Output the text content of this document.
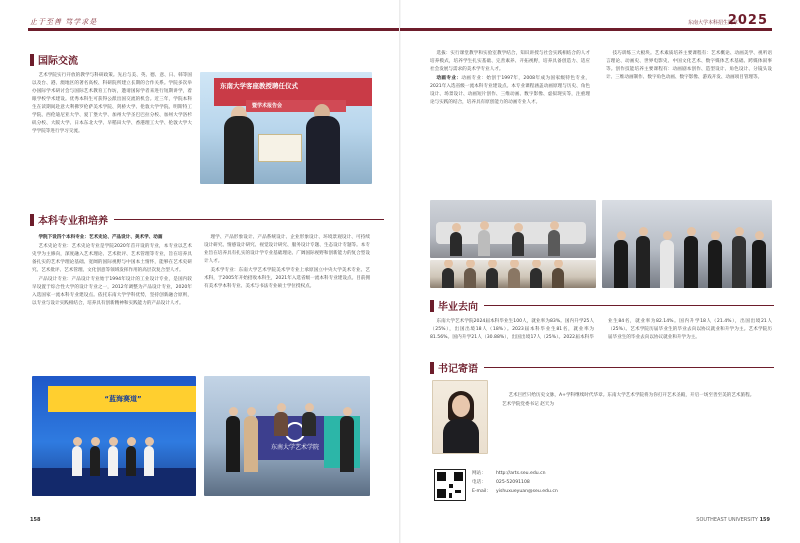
止于至善 笃学求是
国际交流

艺术学院实行开放的教学与科研政策。先后与美、英、德、意、日、韩等国以及台、港、澳地区的著名高校、科研院所建立长期的合作关系。学院多次举办国际学术研讨会与国际艺术教育工作坊，邀请国际学者来进行短期讲学，着眼学校学术建设。优秀本科生可获得公派出国交流的机会。近三年，学院本科生在读期间赴意大利佛罗伦萨美术学院、剑桥大学、伦敦大学学院、明斯特工学院、西伦迪尼亚大学、爱丁堡大学、加州大学圣巴巴拉分校、加州大学洛杉矶分校、大阪大学、日本东北大学、早稻田大学、香港理工大学、伦敦大学大学学院等进行学习交流。

东南大学客座教授聘任仪式
暨学术报告会
本科专业和培养

学院下设四个本科专业：艺术史论、产品设计、美术学、动画

艺术史论专业：艺术史论专业是学院2020年首开设的专业，本专业以艺术史学为主修向，深度融入艺术理论、艺术批评、艺术管理等专业，旨在培养具备扎实的艺术学理论基础、宽阔的国际视野与中国本土情怀，能够在艺术史研究、艺术批评、艺术管理、文化创意等领域发挥作用的高层次复合型人才。

产品设计专业：产品设计专业始于1994年设计的工业设计专业，是国内较早设置于综合性大学的设计专业之一，2012年调整为产品设计专业，2020年入选国家一流本科专业建设点。依托东南大学学科优势，坚持创新融合原则，以专业与设计实践相结合，培养具有创新精神和实践能力的产品设计人才。

理学、产品形象设计、产品系统设计、企业形象设计、环境景观设计、可持续设计研究、情感设计研究、视觉设计研究、服务设计专题、生态设计专题等。本专业旨在培养具有扎实的设计学专业基础理论、广阔国际视野和创新能力的复合型设计人才。

美术学专业：东南大学艺术学院美术学专业上承原国立中央大学美术专业、艺术科，于2005年开始招收本科生，2021年入选省级一流本科专业建设点。目前拥有美术学本科专业、美术与书法专业硕士学位授权点。

“蓝海赛道”
东南大学艺术学院
158
东南大学本科招生简章
2025

选拔：实行课堂教学和实验室教学结合，知识讲授与社会实践相结合的人才培养模式，培养学生扎实基础、完善素养、开拓视野，培养具备创造力、适应社会发展与需求的美术学专业人才。

动画专业：动画专业：始创于1997年，2008年成为国家级特色专业，2021年入选省级一流本科专业建设点。本专业课程涵盖动画原理与历史、角色设计、场景设计、动画短片创作、三维动画、数字影像、虚拟现实等，注重理论与实践的结合，培养具有原创能力的动画专业人才。

技巧训练三大板块。艺术素质培养主要课程有：艺术概论、动画美学、视听语言理论、动画史、世界电影史、中国文化艺术、数字媒体艺术基础、跨媒体叙事等。创作技能培养主要课程有：动画剧本创作、造型设计、角色设计、分镜头设计、三维动画制作、数字角色动画、数字影像、游戏开发、动画项目管理等。

毕业去向

东南大学艺术学院2024届本科毕业生100人，就业率为83%。国内升学25人（25%），出国出境18人（18%）。2023届本科毕业生81名，就业率为81.56%。国内升学21人（30.88%），出国出境17人（25%）。2022届本科毕业生84名，就业率为82.14%。国内升学18人（21.4%），出国出境21人（25%）。艺术学院历届毕业生的毕业去向以协议就业和升学为主。艺术学院历届毕业生的毕业去向以协议就业和升学为主。

书记寄语

艺术巨匠只给历史文脉，A+学科继续时代华章。东南大学艺术学院将为你打开艺术圣殿，开启一场至善至美的艺术旅程。

艺术学院党委书记 赵天为

网站：	http://arts.seu.edu.cn
电话：	025-52091108
E-mail：	yishuxueyuan@seu.edu.cn
SOUTHEAST UNIVERSITY 159
